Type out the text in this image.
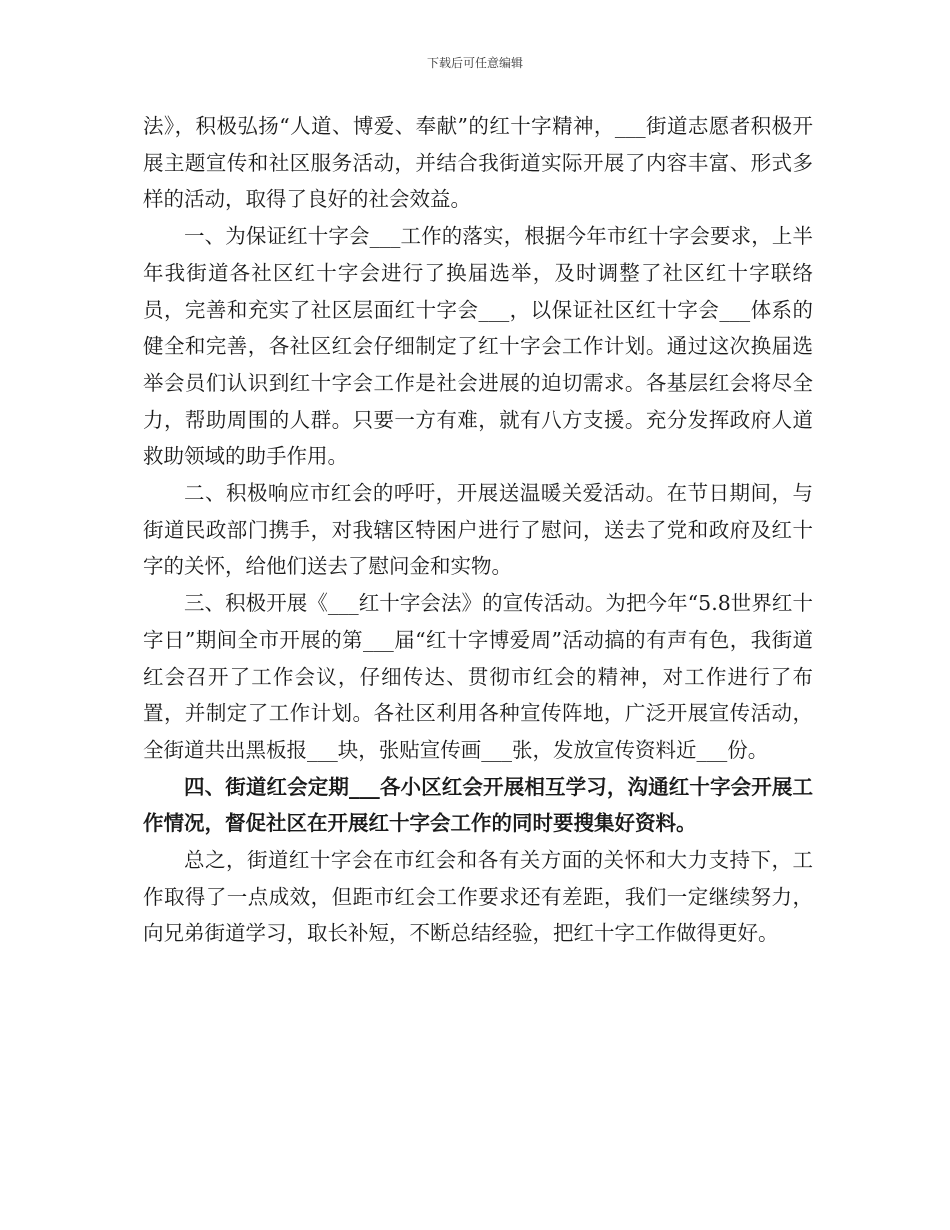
下载后可任意编辑

法》，积极弘扬“人道、博爱、奉献”的红十字精神，___街道志愿者积极开展主题宣传和社区服务活动，并结合我街道实际开展了内容丰富、形式多样的活动，取得了良好的社会效益。

一、为保证红十字会___工作的落实，根据今年市红十字会要求，上半年我街道各社区红十字会进行了换届选举，及时调整了社区红十字联络员，完善和充实了社区层面红十字会___，以保证社区红十字会___体系的健全和完善，各社区红会仔细制定了红十字会工作计划。通过这次换届选举会员们认识到红十字会工作是社会进展的迫切需求。各基层红会将尽全力，帮助周围的人群。只要一方有难，就有八方支援。充分发挥政府人道救助领域的助手作用。

二、积极响应市红会的呼吁，开展送温暖关爱活动。在节日期间，与街道民政部门携手，对我辖区特困户进行了慰问，送去了党和政府及红十字的关怀，给他们送去了慰问金和实物。

三、积极开展《___红十字会法》的宣传活动。为把今年“5.8世界红十字日”期间全市开展的第___届“红十字博爱周”活动搞的有声有色，我街道红会召开了工作会议，仔细传达、贯彻市红会的精神，对工作进行了布置，并制定了工作计划。各社区利用各种宣传阵地，广泛开展宣传活动，全街道共出黑板报___块，张贴宣传画___张，发放宣传资料近___份。

四、街道红会定期___各小区红会开展相互学习，沟通红十字会开展工作情况，督促社区在开展红十字会工作的同时要搜集好资料。

总之，街道红十字会在市红会和各有关方面的关怀和大力支持下，工作取得了一点成效，但距市红会工作要求还有差距，我们一定继续努力，向兄弟街道学习，取长补短，不断总结经验，把红十字工作做得更好。
